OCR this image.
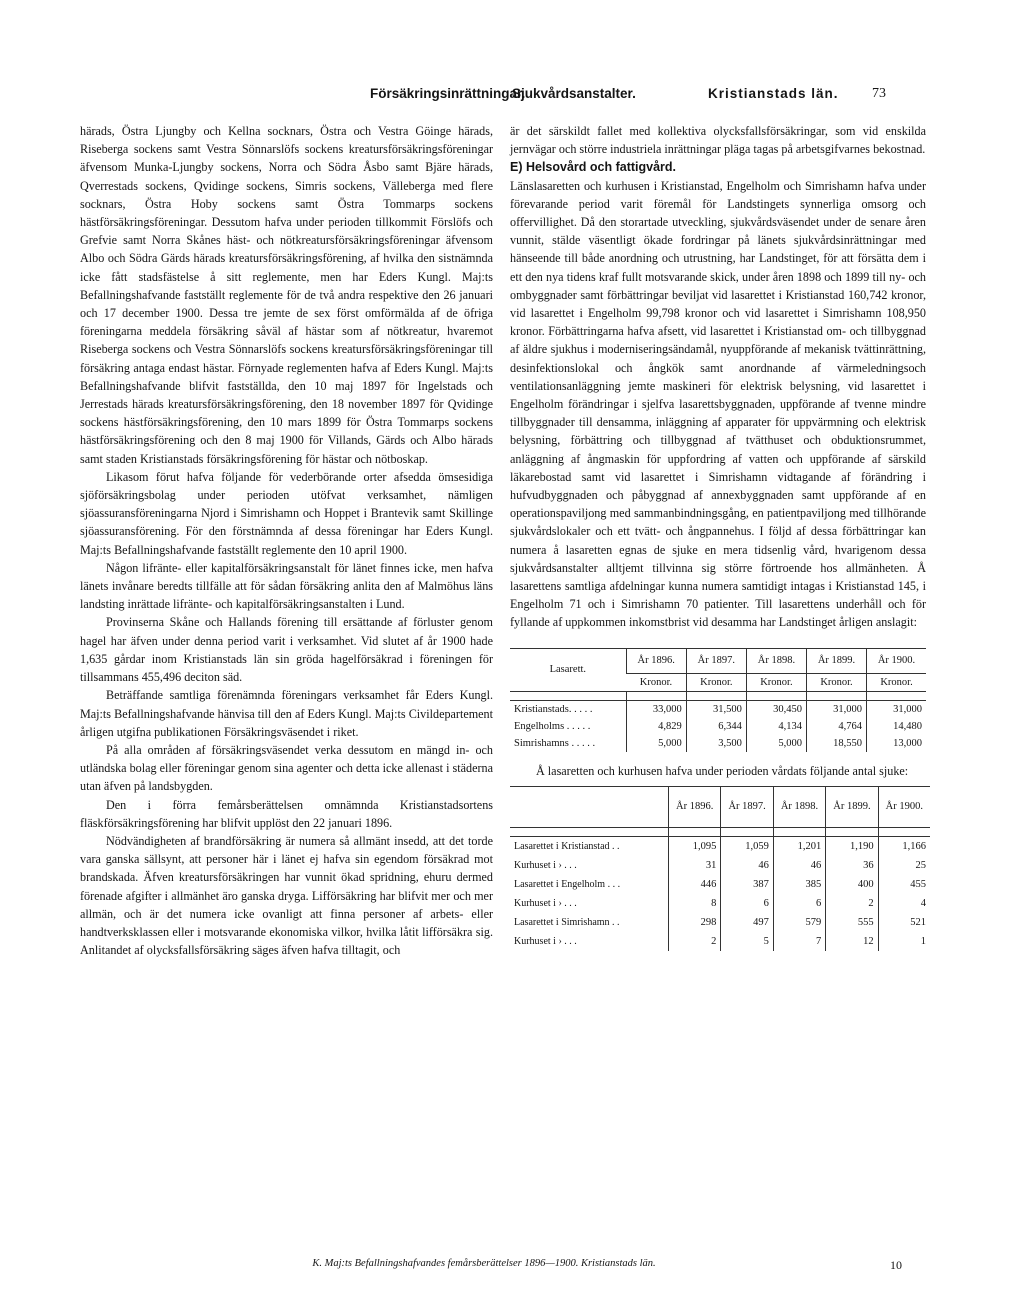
Försäkringsinrättningar.
Sjukvårdsanstalter.	Kristianstads län. 73

härads, Östra Ljungby och Kellna socknars, Östra och Vestra Göinge härads, Riseberga sockens samt Vestra Sönnarslöfs sockens kreatursförsäkringsföreningar äfvensom Munka-Ljungby sockens, Norra och Södra Åsbo samt Bjäre härads, Qverrestads sockens, Qvidinge sockens, Simris sockens, Välleberga med flere socknars, Östra Hoby sockens samt Östra Tommarps sockens hästförsäkringsföreningar. Dessutom hafva under perioden tillkommit Förslöfs och Grefvie samt Norra Skånes häst- och nötkreatursförsäkringsföreningar äfvensom Albo och Södra Gärds härads kreatursförsäkringsförening, af hvilka den sistnämnda icke fått stadsfästelse å sitt reglemente, men har Eders Kungl. Maj:ts Befallningshafvande fastställt reglemente för de två andra respektive den 26 januari och 17 december 1900. Dessa tre jemte de sex först omförmälda af de öfriga föreningarna meddela försäkring såväl af hästar som af nötkreatur, hvaremot Riseberga sockens och Vestra Sönnarslöfs sockens kreatursförsäkringsföreningar till försäkring antaga endast hästar. Förnyade reglementen hafva af Eders Kungl. Maj:ts Befallningshafvande blifvit fastställda, den 10 maj 1897 för Ingelstads och Jerrestads härads kreatursförsäkringsförening, den 18 november 1897 för Qvidinge sockens hästförsäkringsförening, den 10 mars 1899 för Östra Tommarps sockens hästförsäkringsförening och den 8 maj 1900 för Villands, Gärds och Albo härads samt staden Kristianstads försäkringsförening för hästar och nötboskap.

Likasom förut hafva följande för vederbörande orter afsedda ömsesidiga sjöförsäkringsbolag under perioden utöfvat verksamhet, nämligen sjöassuransföreningarna Njord i Simrishamn och Hoppet i Brantevik samt Skillinge sjöassuransförening. För den förstnämnda af dessa föreningar har Eders Kungl. Maj:ts Befallningshafvande fastställt reglemente den 10 april 1900.

Någon lifränte- eller kapitalförsäkringsanstalt för länet finnes icke, men hafva länets invånare beredts tillfälle att för sådan försäkring anlita den af Malmöhus läns landsting inrättade lifränte- och kapitalförsäkringsanstalten i Lund.

Provinserna Skåne och Hallands förening till ersättande af förluster genom hagel har äfven under denna period varit i verksamhet. Vid slutet af år 1900 hade 1,635 gårdar inom Kristianstads län sin gröda hagelförsäkrad i föreningen för tillsammans 455,496 deciton säd.

Beträffande samtliga förenämnda föreningars verksamhet får Eders Kungl. Maj:ts Befallningshafvande hänvisa till den af Eders Kungl. Maj:ts Civildepartement årligen utgifna publikationen Försäkringsväsendet i riket.

På alla områden af försäkringsväsendet verka dessutom en mängd in- och utländska bolag eller föreningar genom sina agenter och detta icke allenast i städerna utan äfven på landsbygden.

Den i förra femårsberättelsen omnämnda Kristianstadsortens fläskförsäkringsförening har blifvit upplöst den 22 januari 1896.

Nödvändigheten af brandförsäkring är numera så allmänt insedd, att det torde vara ganska sällsynt, att personer här i länet ej hafva sin egendom försäkrad mot brandskada. Äfven kreatursförsäkringen har vunnit ökad spridning, ehuru dermed förenade afgifter i allmänhet äro ganska dryga. Lifförsäkring har blifvit mer och mer allmän, och är det numera icke ovanligt att finna personer af arbets- eller handtverksklassen eller i motsvarande ekonomiska vilkor, hvilka låtit lifförsäkra sig. Anlitandet af olycksfallsförsäkring säges äfven hafva tilltagit, och

är det särskildt fallet med kollektiva olycksfallsförsäkringar, som vid enskilda jernvägar och större industriela inrättningar pläga tagas på arbetsgifvarnes bekostnad.

E) Helsovård och fattigvård.

Länslasaretten och kurhusen i Kristianstad, Engelholm och Simrishamn hafva under förevarande period varit föremål för Landstingets synnerliga omsorg och offervillighet. Då den storartade utveckling, sjukvårdsväsendet under de senare åren vunnit, stälde väsentligt ökade fordringar på länets sjukvårdsinrättningar med hänseende till både anordning och utrustning, har Landstinget, för att försätta dem i ett den nya tidens kraf fullt motsvarande skick, under åren 1898 och 1899 till ny- och ombyggnader samt förbättringar beviljat vid lasarettet i Kristianstad 160,742 kronor, vid lasarettet i Engelholm 99,798 kronor och vid lasarettet i Simrishamn 108,950 kronor. Förbättringarna hafva afsett, vid lasarettet i Kristianstad om- och tillbyggnad af äldre sjukhus i moderniseringsändamål, nyuppförande af mekanisk tvättinrättning, desinfektionslokal och ångkök samt anordnande af värmeledningsoch ventilationsanläggning jemte maskineri för elektrisk belysning, vid lasarettet i Engelholm förändringar i sjelfva lasarettsbyggnaden, uppförande af tvenne mindre tillbyggnader till densamma, inläggning af apparater för uppvärmning och elektrisk belysning, förbättring och tillbyggnad af tvätthuset och obduktionsrummet, anläggning af ångmaskin för uppfordring af vatten och uppförande af särskild läkarebostad samt vid lasarettet i Simrishamn vidtagande af förändring i hufvudbyggnaden och påbyggnad af annexbyggnaden samt uppförande af en operationspaviljong med sammanbindningsgång, en patientpaviljong med tillhörande sjukvårdslokaler och ett tvätt- och ångpannehus. I följd af dessa förbättringar kan numera å lasaretten egnas de sjuke en mera tidsenlig vård, hvarigenom dessa sjukvårdsanstalter alltjemt tillvinna sig större förtroende hos allmänheten. Å lasarettens samtliga afdelningar kunna numera samtidigt intagas i Kristianstad 145, i Engelholm 71 och i Simrishamn 70 patienter. Till lasarettens underhåll och för fyllande af uppkommen inkomstbrist vid desamma har Landstinget årligen anslagit:

Lasarett.	År 1896.	År 1897.	År 1898.	År 1899.	År 1900.
	Kronor.	Kronor.	Kronor.	Kronor.	Kronor.

Kristianstads. . . . .	33,000	31,500	30,450	31,000	31,000
Engelholms . . . . .	4,829	6,344	4,134	4,764	14,480
Simrishamns . . . . .	5,000	3,500	5,000	18,550	13,000

Å lasaretten och kurhusen hafva under perioden vårdats följande antal sjuke:

	År 1896.	År 1897.	År 1898.	År 1899.	År 1900.

Lasarettet i Kristianstad . .	1,095	1,059	1,201	1,190	1,166
Kurhuset i › . . .	31	46	46	36	25
Lasarettet i Engelholm . . .	446	387	385	400	455
Kurhuset i › . . .	8	6	6	2	4
Lasarettet i Simrishamn . .	298	497	579	555	521
Kurhuset i › . . .	2	5	7	12	1
K. Maj:ts Befallningshafvandes femårsberättelser 1896—1900. Kristianstads län.	10
